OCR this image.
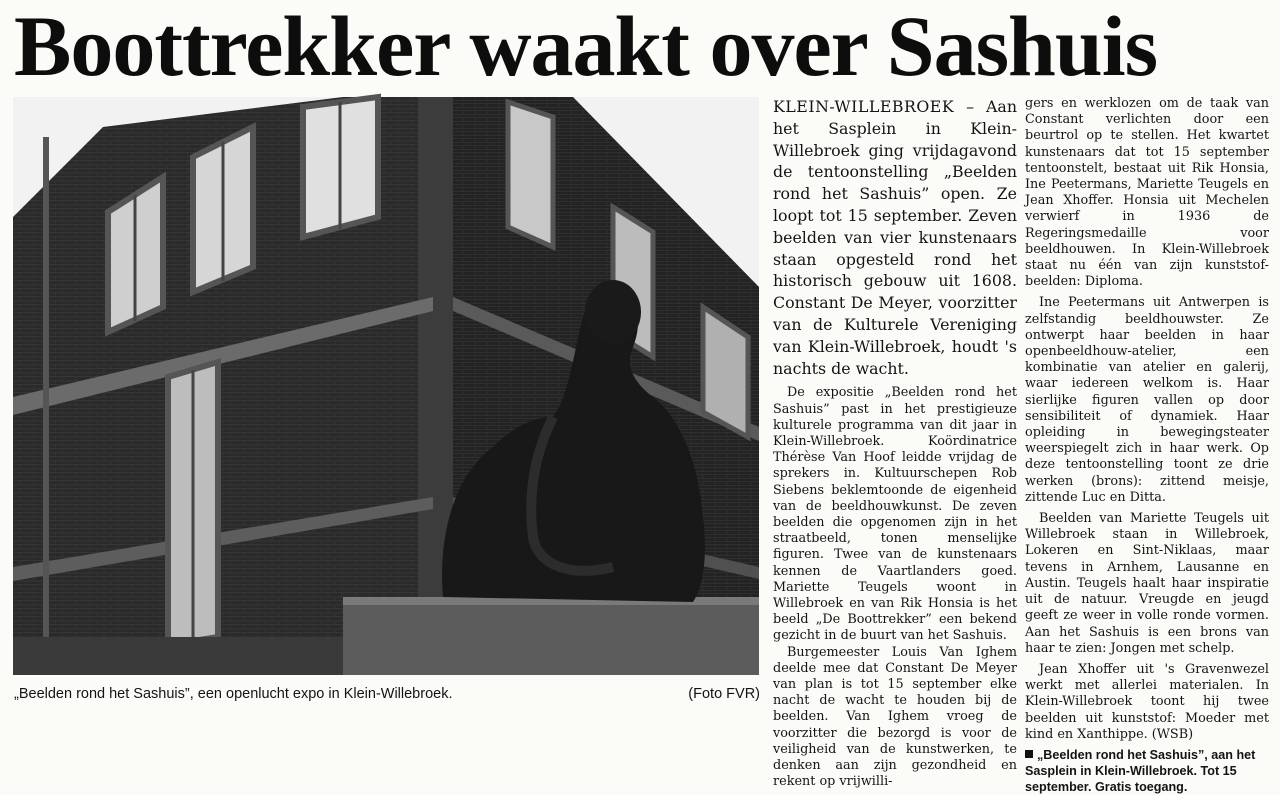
Boottrekker waakt over Sashuis
„Beelden rond het Sashuis”, een openlucht expo in Klein-Willebroek.	(Foto FVR)

KLEIN-WILLEBROEK – Aan het Sasplein in Klein-Willebroek ging vrijdagavond de tentoonstelling „Beelden rond het Sashuis” open. Ze loopt tot 15 september. Zeven beelden van vier kunstenaars staan opgesteld rond het historisch gebouw uit 1608. Constant De Meyer, voorzitter van de Kulturele Vereniging van Klein-Willebroek, houdt 's nachts de wacht.

De expositie „Beelden rond het Sashuis” past in het prestigieuze kulturele programma van dit jaar in Klein-Willebroek. Koördinatrice Thérèse Van Hoof leidde vrijdag de sprekers in. Kultuurschepen Rob Siebens beklemtoonde de eigenheid van de beeldhouwkunst. De zeven beelden die opgenomen zijn in het straatbeeld, tonen menselijke figuren. Twee van de kunstenaars kennen de Vaartlanders goed. Mariette Teugels woont in Willebroek en van Rik Honsia is het beeld „De Boottrekker” een bekend gezicht in de buurt van het Sashuis.

Burgemeester Louis Van Ighem deelde mee dat Constant De Meyer van plan is tot 15 september elke nacht de wacht te houden bij de beelden. Van Ighem vroeg de voorzitter die bezorgd is voor de veiligheid van de kunstwerken, te denken aan zijn gezondheid en rekent op vrijwilli-

gers en werklozen om de taak van Constant verlichten door een beurtrol op te stellen. Het kwartet kunstenaars dat tot 15 september tentoonstelt, bestaat uit Rik Honsia, Ine Peetermans, Mariette Teugels en Jean Xhoffer. Honsia uit Mechelen verwierf in 1936 de Regeringsmedaille voor beeldhouwen. In Klein-Willebroek staat nu één van zijn kunststof-beelden: Diploma.

Ine Peetermans uit Antwerpen is zelfstandig beeldhouwster. Ze ontwerpt haar beelden in haar openbeeldhouw-atelier, een kombinatie van atelier en galerij, waar iedereen welkom is. Haar sierlijke figuren vallen op door sensibiliteit of dynamiek. Haar opleiding in bewegingsteater weerspiegelt zich in haar werk. Op deze tentoonstelling toont ze drie werken (brons): zittend meisje, zittende Luc en Ditta.

Beelden van Mariette Teugels uit Willebroek staan in Willebroek, Lokeren en Sint-Niklaas, maar tevens in Arnhem, Lausanne en Austin. Teugels haalt haar inspiratie uit de natuur. Vreugde en jeugd geeft ze weer in volle ronde vormen. Aan het Sashuis is een brons van haar te zien: Jongen met schelp.

Jean Xhoffer uit 's Gravenwezel werkt met allerlei materialen. In Klein-Willebroek toont hij twee beelden uit kunststof: Moeder met kind en Xanthippe. (WSB)

„Beelden rond het Sashuis”, aan het Sasplein in Klein-Willebroek. Tot 15 september. Gratis toegang.
